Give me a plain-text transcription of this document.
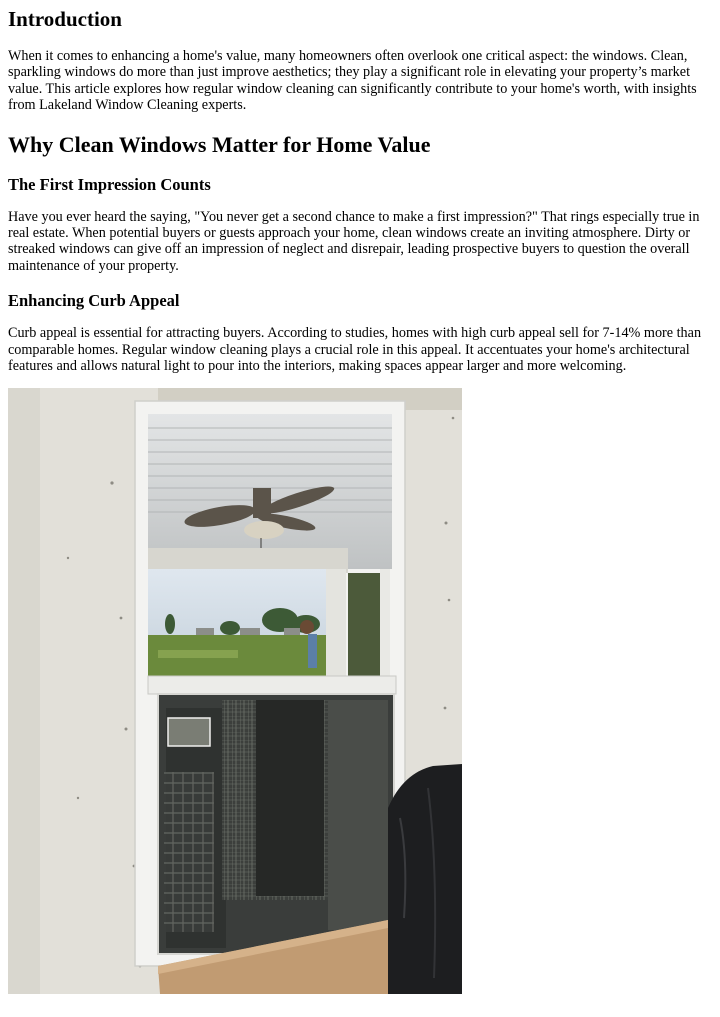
Introduction

When it comes to enhancing a home's value, many homeowners often overlook one critical aspect: the windows. Clean, sparkling windows do more than just improve aesthetics; they play a significant role in elevating your property’s market value. This article explores how regular window cleaning can significantly contribute to your home's worth, with insights from Lakeland Window Cleaning experts.

Why Clean Windows Matter for Home Value
The First Impression Counts

Have you ever heard the saying, "You never get a second chance to make a first impression?" That rings especially true in real estate. When potential buyers or guests approach your home, clean windows create an inviting atmosphere. Dirty or streaked windows can give off an impression of neglect and disrepair, leading prospective buyers to question the overall maintenance of your property.

Enhancing Curb Appeal

Curb appeal is essential for attracting buyers. According to studies, homes with high curb appeal sell for 7-14% more than comparable homes. Regular window cleaning plays a crucial role in this appeal. It accentuates your home's architectural features and allows natural light to pour into the interiors, making spaces appear larger and more welcoming.
